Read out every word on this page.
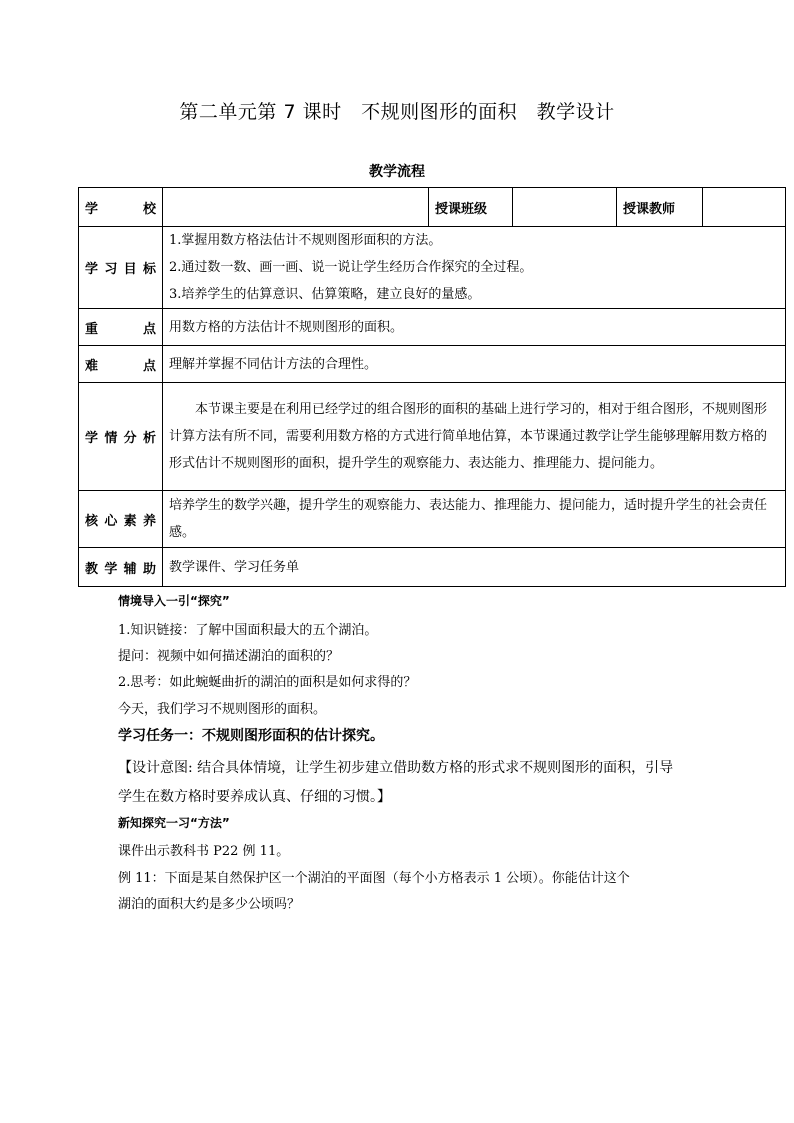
第二单元第 7 课时　不规则图形的面积　教学设计
教学流程
学　　校		授课班级		授课教师	
学习目标	1.掌握用数方格法估计不规则图形面积的方法。
2.通过数一数、画一画、说一说让学生经历合作探究的全过程。
3.培养学生的估算意识、估算策略，建立良好的量感。				

重　　点	用数方格的方法估计不规则图形的面积。				
难　　点	理解并掌握不同估计方法的合理性。				
学情分析	本节课主要是在利用已经学过的组合图形的面积的基础上进行学习的，相对于组合图形，不规则图形计算方法有所不同，需要利用数方格的方式进行简单地估算，本节课通过教学让学生能够理解用数方格的形式估计不规则图形的面积，提升学生的观察能力、表达能力、推理能力、提问能力。				
核心素养	培养学生的数学兴趣，提升学生的观察能力、表达能力、推理能力、提问能力，适时提升学生的社会责任感。				
教学辅助	教学课件、学习任务单				

情境导入一引“探究”

1.知识链接：了解中国面积最大的五个湖泊。

提问：视频中如何描述湖泊的面积的？

2.思考：如此蜿蜒曲折的湖泊的面积是如何求得的？

今天，我们学习不规则图形的面积。

学习任务一：不规则图形面积的估计探究。

【设计意图: 结合具体情境，让学生初步建立借助数方格的形式求不规则图形的面积，引导

学生在数方格时要养成认真、仔细的习惯。】

新知探究一习“方法”

课件出示教科书 P22 例 11。

例 11：下面是某自然保护区一个湖泊的平面图（每个小方格表示 1 公顷）。你能估计这个

湖泊的面积大约是多少公顷吗？
